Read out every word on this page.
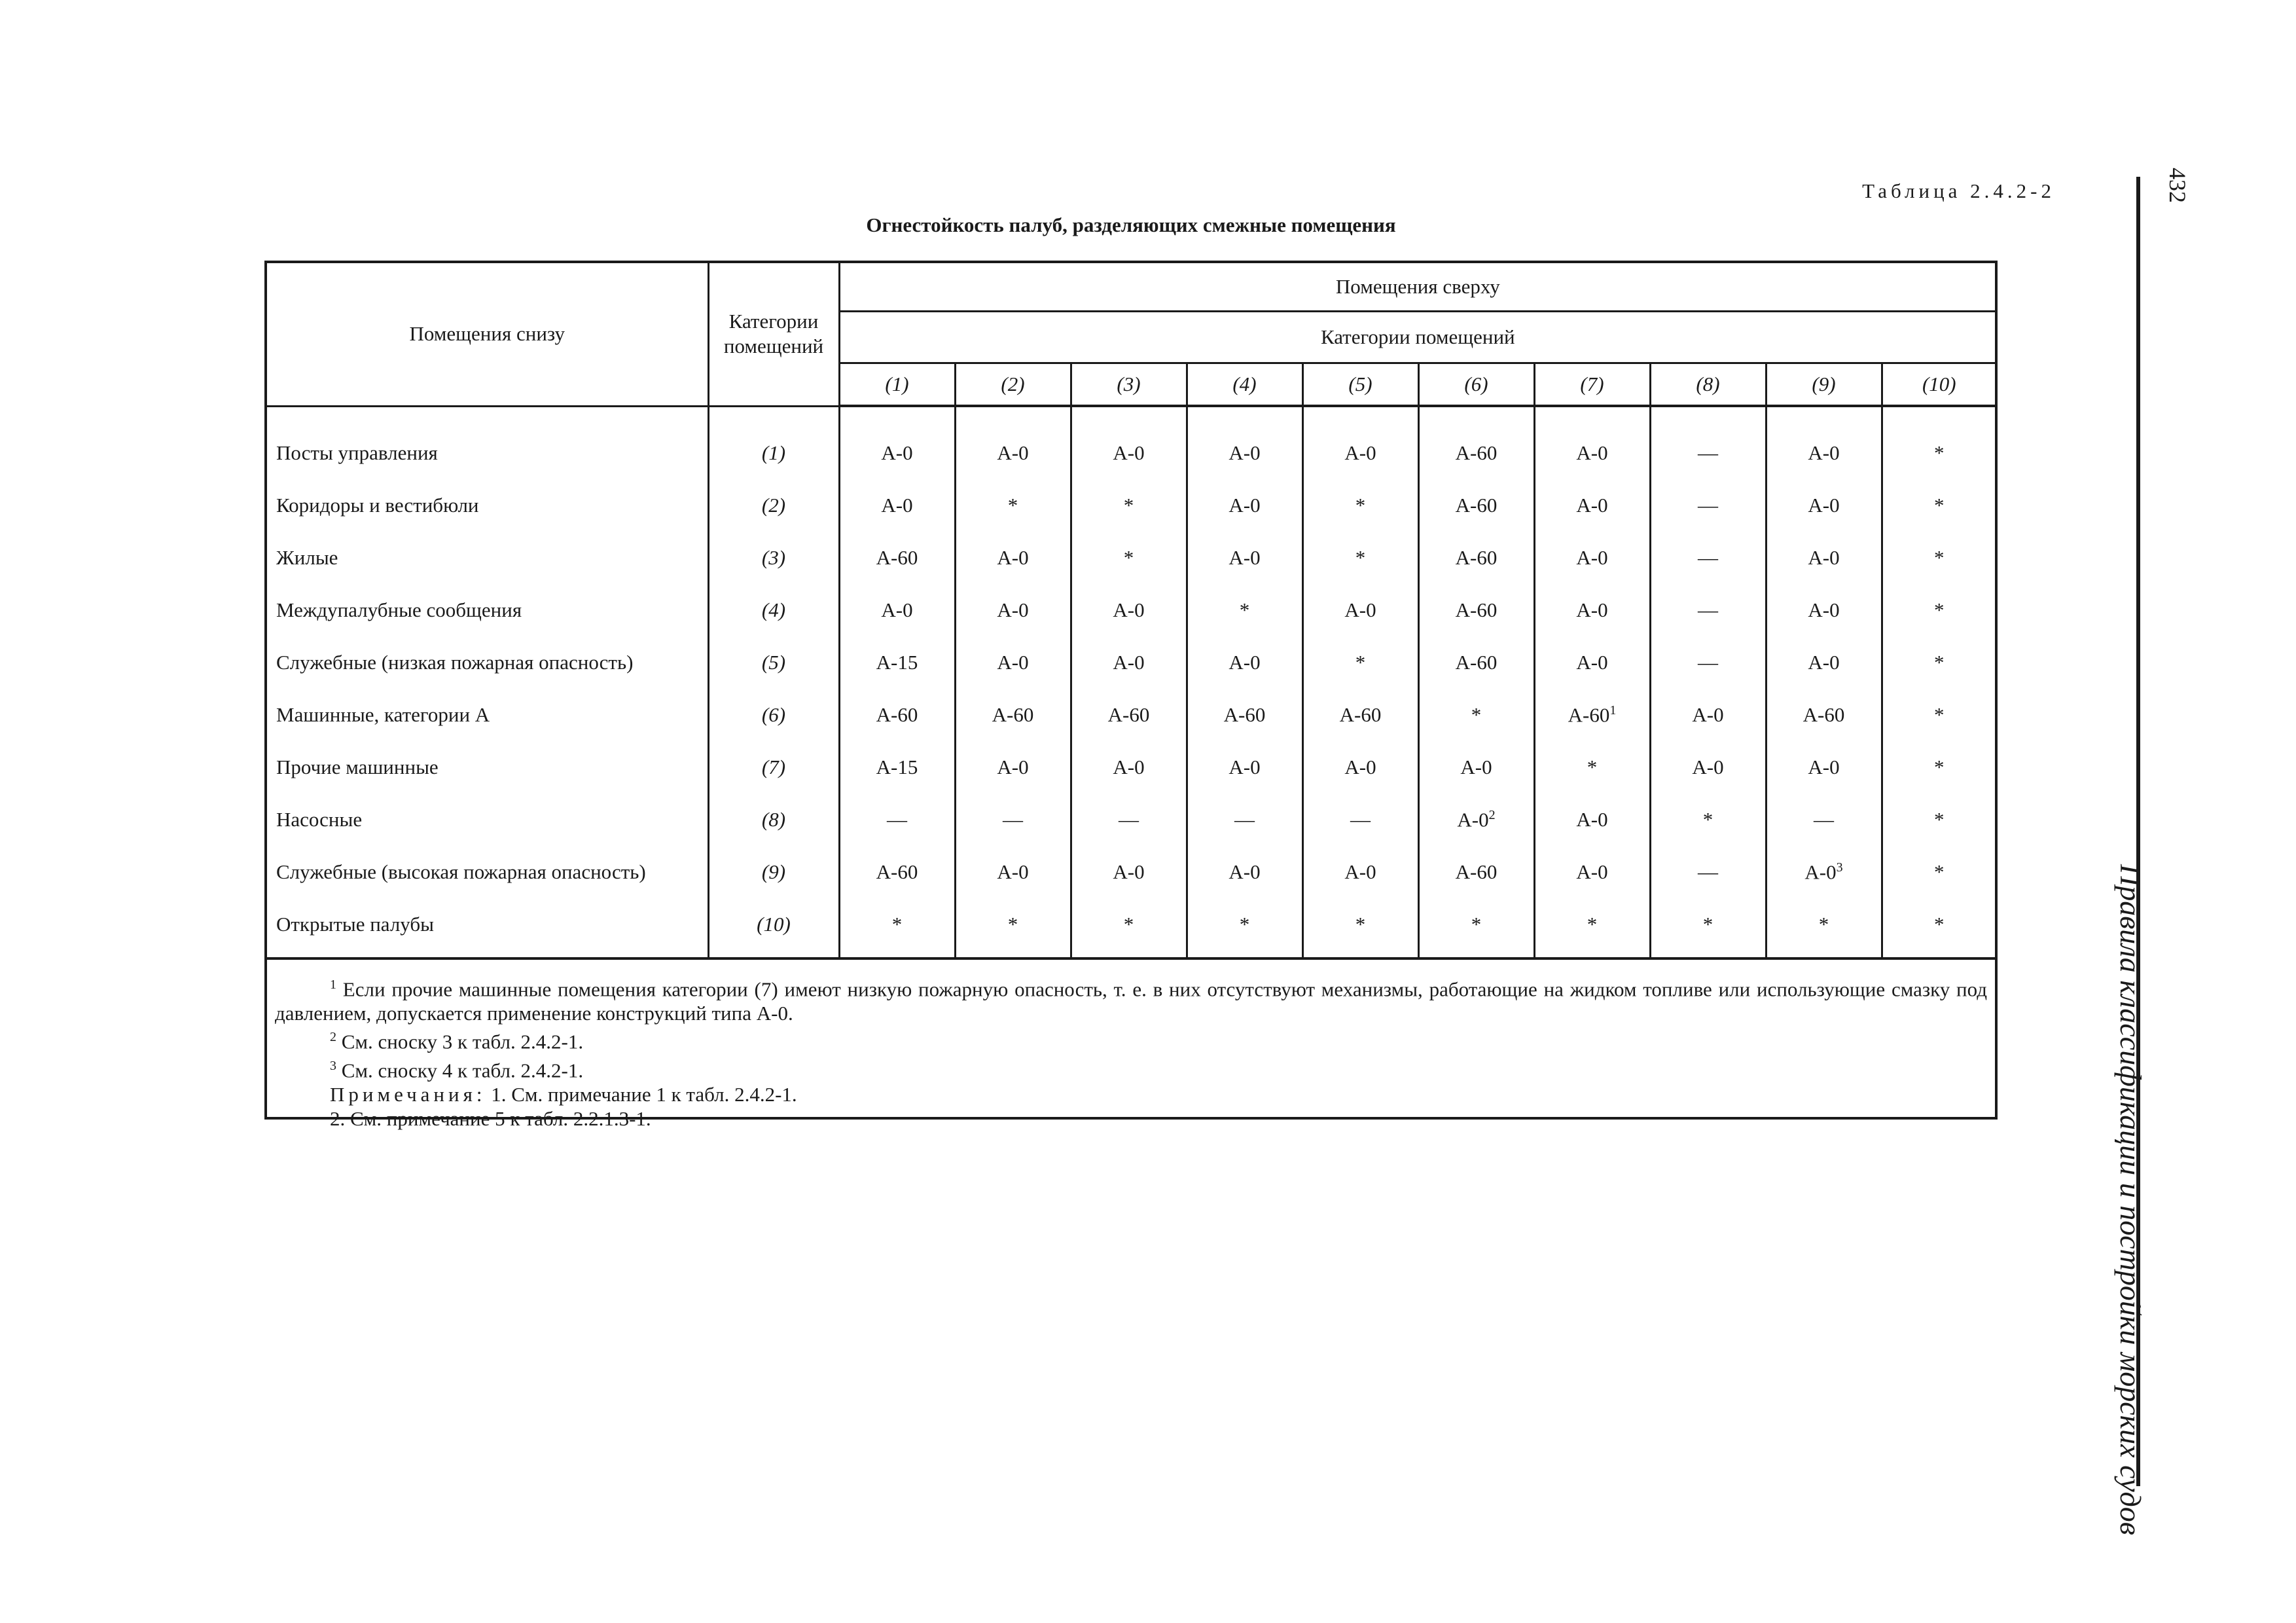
Таблица 2.4.2-2
Огнестойкость палуб, разделяющих смежные помещения
Помещения снизу	Категории помещений	Помещения сверху									
		Категории помещений									
		(1)	(2)	(3)	(4)	(5)	(6)	(7)	(8)	(9)	(10)
Посты управления	(1)	А-0	А-0	А-0	А-0	А-0	А-60	А-0	—	А-0	*
Коридоры и вестибюли	(2)	А-0	*	*	А-0	*	А-60	А-0	—	А-0	*
Жилые	(3)	А-60	А-0	*	А-0	*	А-60	А-0	—	А-0	*
Междупалубные сообщения	(4)	А-0	А-0	А-0	*	А-0	А-60	А-0	—	А-0	*
Служебные (низкая пожарная опасность)	(5)	А-15	А-0	А-0	А-0	*	А-60	А-0	—	А-0	*
Машинные, категории А	(6)	А-60	А-60	А-60	А-60	А-60	*	$А-60^1$	А-0	А-60	*
Прочие машинные	(7)	А-15	А-0	А-0	А-0	А-0	А-0	*	А-0	А-0	*
Насосные	(8)	—	—	—	—	—	$А-0^2$	А-0	*	—	*
Служебные (высокая пожарная опасность)	(9)	А-60	А-0	А-0	А-0	А-0	А-60	А-0	—	$А-0^3$	*
Открытые палубы	(10)	*	*	*	*	*	*	*	*	*	*
$^1$ Если прочие машинные помещения категории (7) имеют низкую пожарную опасность, т. е. в них отсутствуют механизмы, работающие на жидком топливе или использующие смазку под давлением, допускается применение конструкций типа А-0.
$^2$ См. сноску 3 к табл. 2.4.2-1.
$^3$ См. сноску 4 к табл. 2.4.2-1.
Примечания: 1. См. примечание 1 к табл. 2.4.2-1.
2. См. примечание 5 к табл. 2.2.1.3-1.
432
Правила классификации и постройки морских судов
